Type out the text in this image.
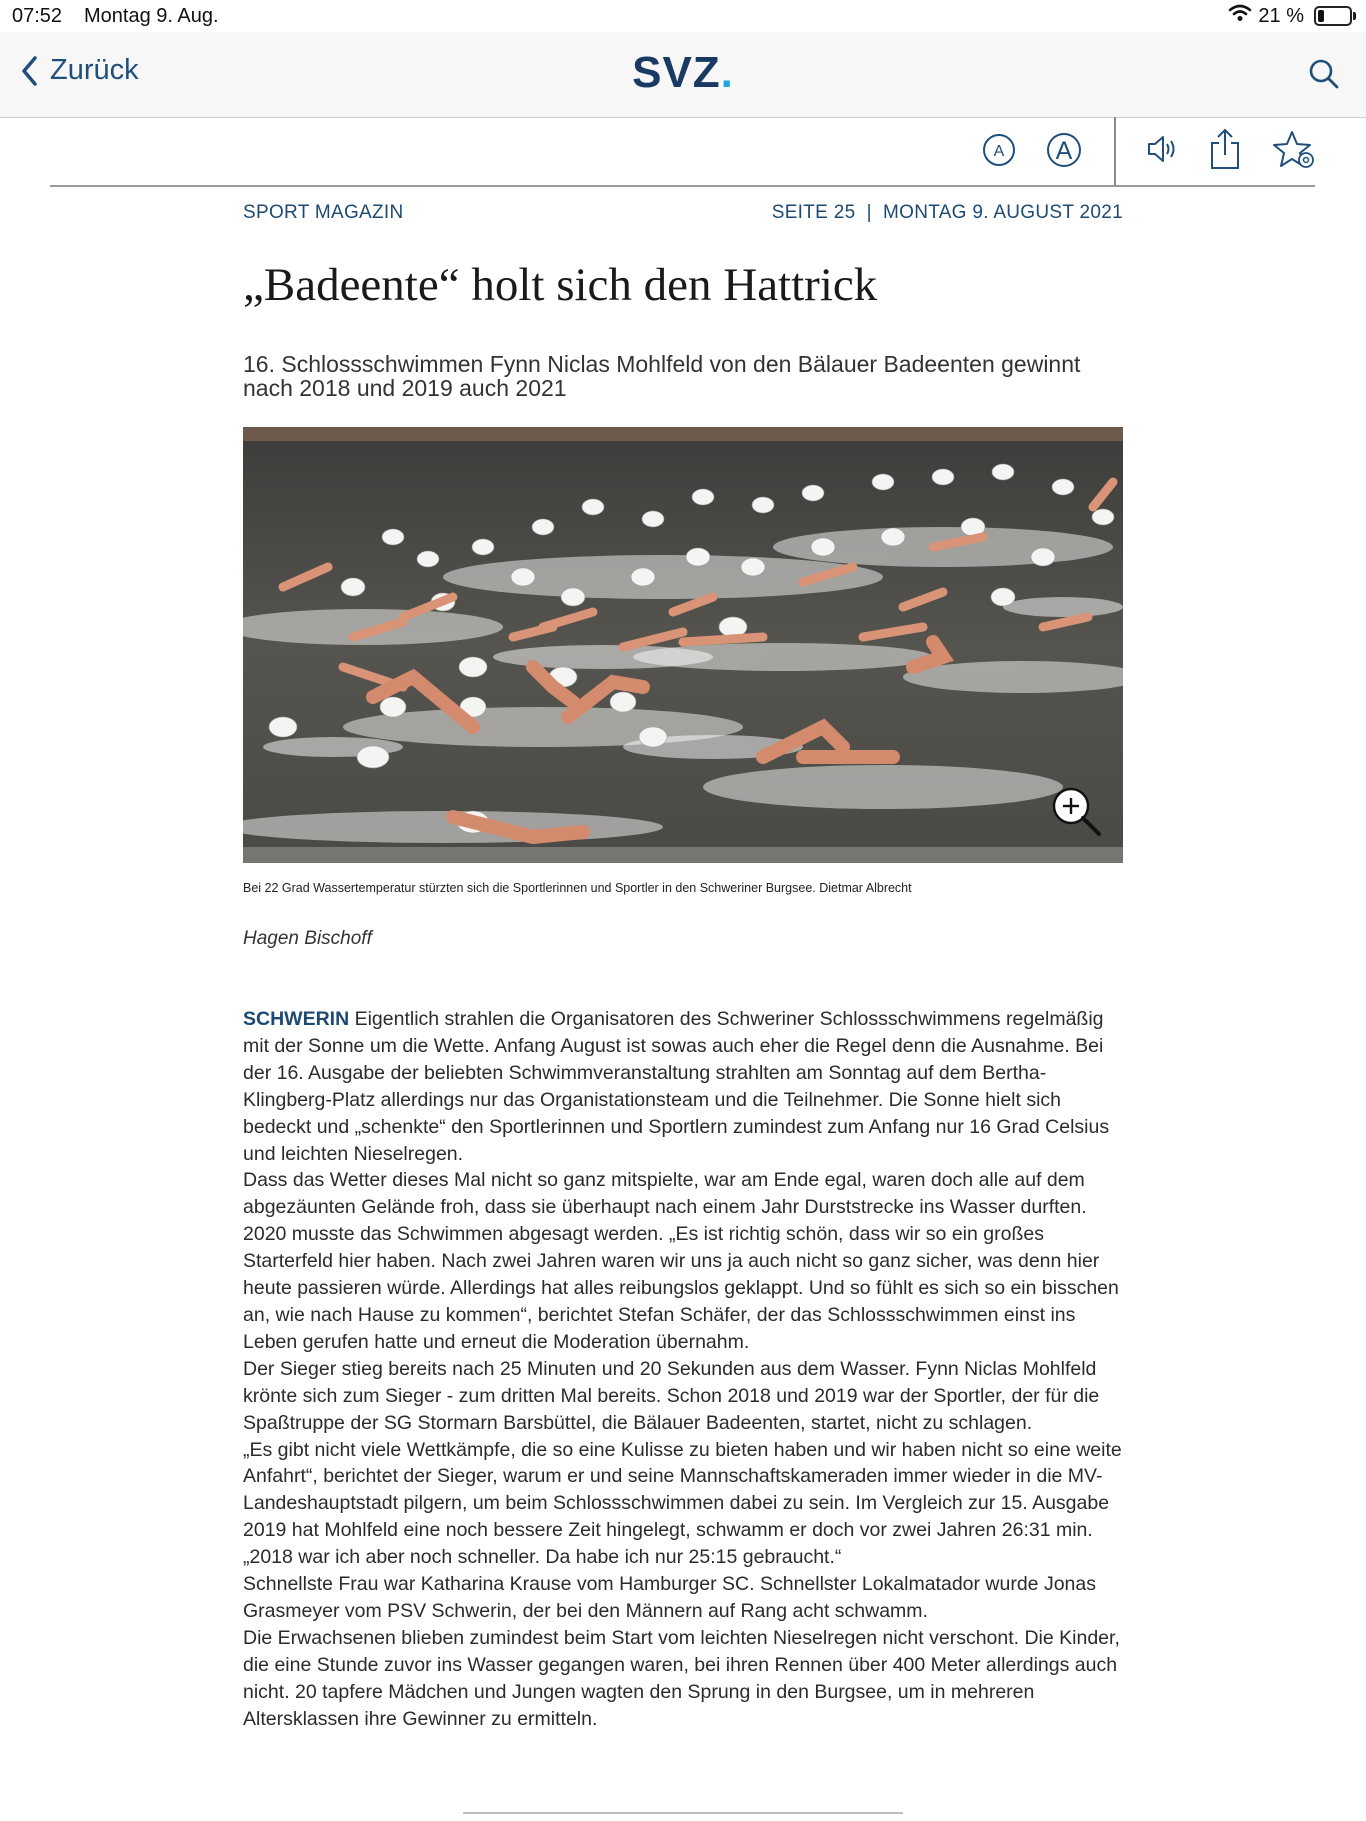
07:52 Montag 9. Aug.	21 %
Zurück	SVZ.
A A
SPORT MAGAZIN	SEITE 25  |  MONTAG 9. AUGUST 2021
„Badeente“ holt sich den Hattrick

16. Schlossschwimmen Fynn Niclas Mohlfeld von den Bälauer Badeenten gewinnt nach 2018 und 2019 auch 2021

Bei 22 Grad Wassertemperatur stürzten sich die Sportlerinnen und Sportler in den Schweriner Burgsee. Dietmar Albrecht
Hagen Bischoff

SCHWERIN Eigentlich strahlen die Organisatoren des Schweriner Schlossschwimmens regelmäßig mit der Sonne um die Wette. Anfang August ist sowas auch eher die Regel denn die Ausnahme. Bei der 16. Ausgabe der beliebten Schwimmveranstaltung strahlten am Sonntag auf dem Bertha-Klingberg-Platz allerdings nur das Organistationsteam und die Teilnehmer. Die Sonne hielt sich bedeckt und „schenkte“ den Sportlerinnen und Sportlern zumindest zum Anfang nur 16 Grad Celsius und leichten Nieselregen.

Dass das Wetter dieses Mal nicht so ganz mitspielte, war am Ende egal, waren doch alle auf dem abgezäunten Gelände froh, dass sie überhaupt nach einem Jahr Durststrecke ins Wasser durften. 2020 musste das Schwimmen abgesagt werden. „Es ist richtig schön, dass wir so ein großes Starterfeld hier haben. Nach zwei Jahren waren wir uns ja auch nicht so ganz sicher, was denn hier heute passieren würde. Allerdings hat alles reibungslos geklappt. Und so fühlt es sich so ein bisschen an, wie nach Hause zu kommen“, berichtet Stefan Schäfer, der das Schlossschwimmen einst ins Leben gerufen hatte und erneut die Moderation übernahm.

Der Sieger stieg bereits nach 25 Minuten und 20 Sekunden aus dem Wasser. Fynn Niclas Mohlfeld krönte sich zum Sieger - zum dritten Mal bereits. Schon 2018 und 2019 war der Sportler, der für die Spaßtruppe der SG Stormarn Barsbüttel, die Bälauer Badeenten, startet, nicht zu schlagen.

„Es gibt nicht viele Wettkämpfe, die so eine Kulisse zu bieten haben und wir haben nicht so eine weite Anfahrt“, berichtet der Sieger, warum er und seine Mannschaftskameraden immer wieder in die MV-Landeshauptstadt pilgern, um beim Schlossschwimmen dabei zu sein. Im Vergleich zur 15. Ausgabe 2019 hat Mohlfeld eine noch bessere Zeit hingelegt, schwamm er doch vor zwei Jahren 26:31 min. „2018 war ich aber noch schneller. Da habe ich nur 25:15 gebraucht.“

Schnellste Frau war Katharina Krause vom Hamburger SC. Schnellster Lokalmatador wurde Jonas Grasmeyer vom PSV Schwerin, der bei den Männern auf Rang acht schwamm.

Die Erwachsenen blieben zumindest beim Start vom leichten Nieselregen nicht verschont. Die Kinder, die eine Stunde zuvor ins Wasser gegangen waren, bei ihren Rennen über 400 Meter allerdings auch nicht. 20 tapfere Mädchen und Jungen wagten den Sprung in den Burgsee, um in mehreren Altersklassen ihre Gewinner zu ermitteln.
